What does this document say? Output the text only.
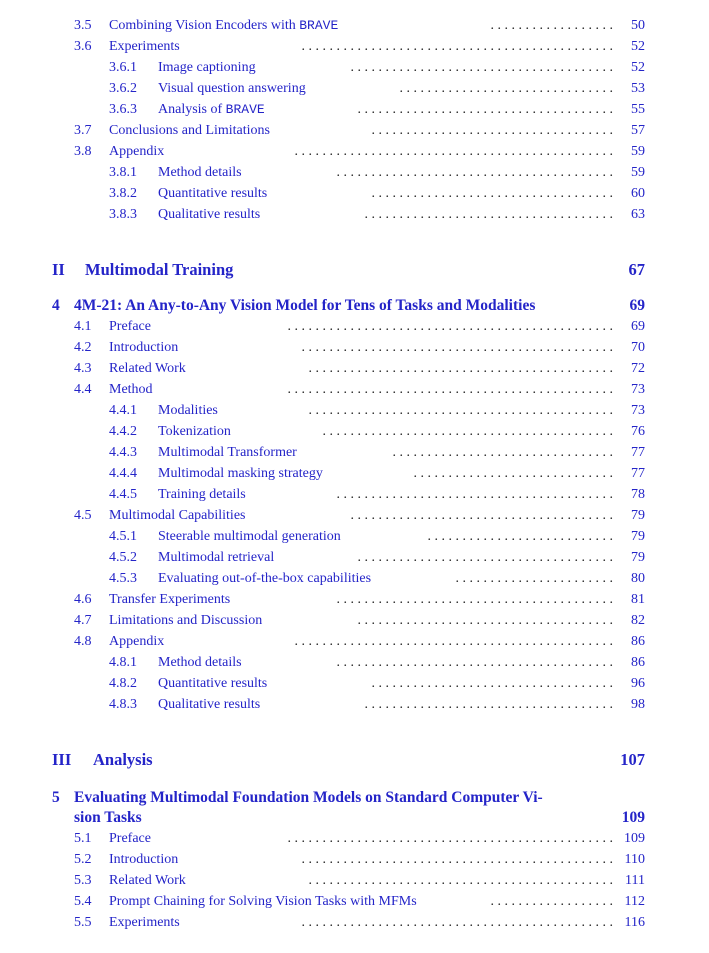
3.5 Combining Vision Encoders with BRAVE	. . . . . . . . . . . . . . . . . . 50
3.6 Experiments	. . . . . . . . . . . . . . . . . . . . . . . . . . . . . . . . . . . . . . . . . . . . . 52
3.6.1 Image captioning	. . . . . . . . . . . . . . . . . . . . . . . . . . . . . . . . . . . . . . 52
3.6.2 Visual question answering	. . . . . . . . . . . . . . . . . . . . . . . . . . . . . . . 53
3.6.3 Analysis of BRAVE	. . . . . . . . . . . . . . . . . . . . . . . . . . . . . . . . . . . . . 55
3.7 Conclusions and Limitations	. . . . . . . . . . . . . . . . . . . . . . . . . . . . . . . . . . . 57
3.8 Appendix	. . . . . . . . . . . . . . . . . . . . . . . . . . . . . . . . . . . . . . . . . . . . . . 59
3.8.1 Method details	. . . . . . . . . . . . . . . . . . . . . . . . . . . . . . . . . . . . . . . . 59
3.8.2 Quantitative results	. . . . . . . . . . . . . . . . . . . . . . . . . . . . . . . . . . . 60
3.8.3 Qualitative results	. . . . . . . . . . . . . . . . . . . . . . . . . . . . . . . . . . . . 63
II Multimodal Training	67
4 4M-21: An Any-to-Any Vision Model for Tens of Tasks and Modalities	69
4.1 Preface	. . . . . . . . . . . . . . . . . . . . . . . . . . . . . . . . . . . . . . . . . . . . . . . 69
4.2 Introduction	. . . . . . . . . . . . . . . . . . . . . . . . . . . . . . . . . . . . . . . . . . . . . 70
4.3 Related Work	. . . . . . . . . . . . . . . . . . . . . . . . . . . . . . . . . . . . . . . . . . . . 72
4.4 Method	. . . . . . . . . . . . . . . . . . . . . . . . . . . . . . . . . . . . . . . . . . . . . . . 73
4.4.1 Modalities	. . . . . . . . . . . . . . . . . . . . . . . . . . . . . . . . . . . . . . . . . . . . 73
4.4.2 Tokenization	. . . . . . . . . . . . . . . . . . . . . . . . . . . . . . . . . . . . . . . . . . 76
4.4.3 Multimodal Transformer	. . . . . . . . . . . . . . . . . . . . . . . . . . . . . . . . 77
4.4.4 Multimodal masking strategy	. . . . . . . . . . . . . . . . . . . . . . . . . . . . . 77
4.4.5 Training details	. . . . . . . . . . . . . . . . . . . . . . . . . . . . . . . . . . . . . . . . 78
4.5 Multimodal Capabilities	. . . . . . . . . . . . . . . . . . . . . . . . . . . . . . . . . . . . . . 79
4.5.1 Steerable multimodal generation	. . . . . . . . . . . . . . . . . . . . . . . . . . . 79
4.5.2 Multimodal retrieval	. . . . . . . . . . . . . . . . . . . . . . . . . . . . . . . . . . . . . 79
4.5.3 Evaluating out-of-the-box capabilities	. . . . . . . . . . . . . . . . . . . . . . . 80
4.6 Transfer Experiments	. . . . . . . . . . . . . . . . . . . . . . . . . . . . . . . . . . . . . . . . 81
4.7 Limitations and Discussion	. . . . . . . . . . . . . . . . . . . . . . . . . . . . . . . . . . . . . 82
4.8 Appendix	. . . . . . . . . . . . . . . . . . . . . . . . . . . . . . . . . . . . . . . . . . . . . . 86
4.8.1 Method details	. . . . . . . . . . . . . . . . . . . . . . . . . . . . . . . . . . . . . . . . 86
4.8.2 Quantitative results	. . . . . . . . . . . . . . . . . . . . . . . . . . . . . . . . . . . 96
4.8.3 Qualitative results	. . . . . . . . . . . . . . . . . . . . . . . . . . . . . . . . . . . . 98
III Analysis	107
5 Evaluating Multimodal Foundation Models on Standard Computer Vi-
sion Tasks	109
5.1 Preface	. . . . . . . . . . . . . . . . . . . . . . . . . . . . . . . . . . . . . . . . . . . . . . . 109
5.2 Introduction	. . . . . . . . . . . . . . . . . . . . . . . . . . . . . . . . . . . . . . . . . . . . . 110
5.3 Related Work	. . . . . . . . . . . . . . . . . . . . . . . . . . . . . . . . . . . . . . . . . . . . 111
5.4 Prompt Chaining for Solving Vision Tasks with MFMs	. . . . . . . . . . . . . . . . . . 112
5.5 Experiments	. . . . . . . . . . . . . . . . . . . . . . . . . . . . . . . . . . . . . . . . . . . . . 116
